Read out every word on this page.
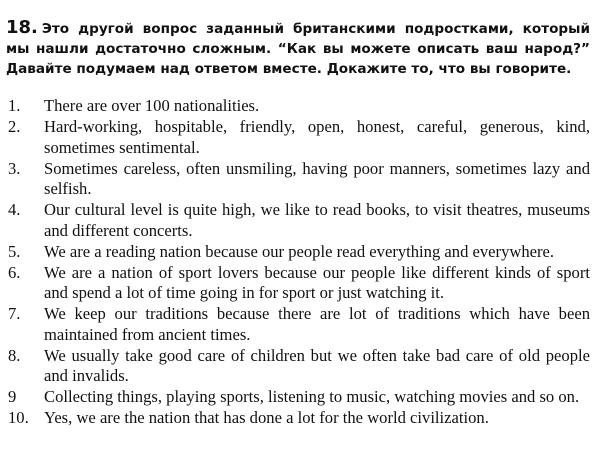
18. Это другой вопрос заданный британскими подростками, который мы нашли достаточно сложным. “Как вы можете описать ваш народ?” Давайте подумаем над ответом вместе. Докажите то, что вы говорите.

1.	There are over 100 nationalities.
2.	Hard-working, hospitable, friendly, open, honest, careful, generous, kind, sometimes sentimental.
3.	Sometimes careless, often unsmiling, having poor manners, sometimes lazy and selfish.
4.	Our cultural level is quite high, we like to read books, to visit theatres, museums and different concerts.
5.	We are a reading nation because our people read everything and everywhere.
6.	We are a nation of sport lovers because our people like different kinds of sport and spend a lot of time going in for sport or just watching it.
7.	We keep our traditions because there are lot of traditions which have been maintained from ancient times.
8.	We usually take good care of children but we often take bad care of old people and invalids.
9	Collecting things, playing sports, listening to music, watching movies and so on.
10. Yes, we are the nation that has done a lot for the world civilization.
